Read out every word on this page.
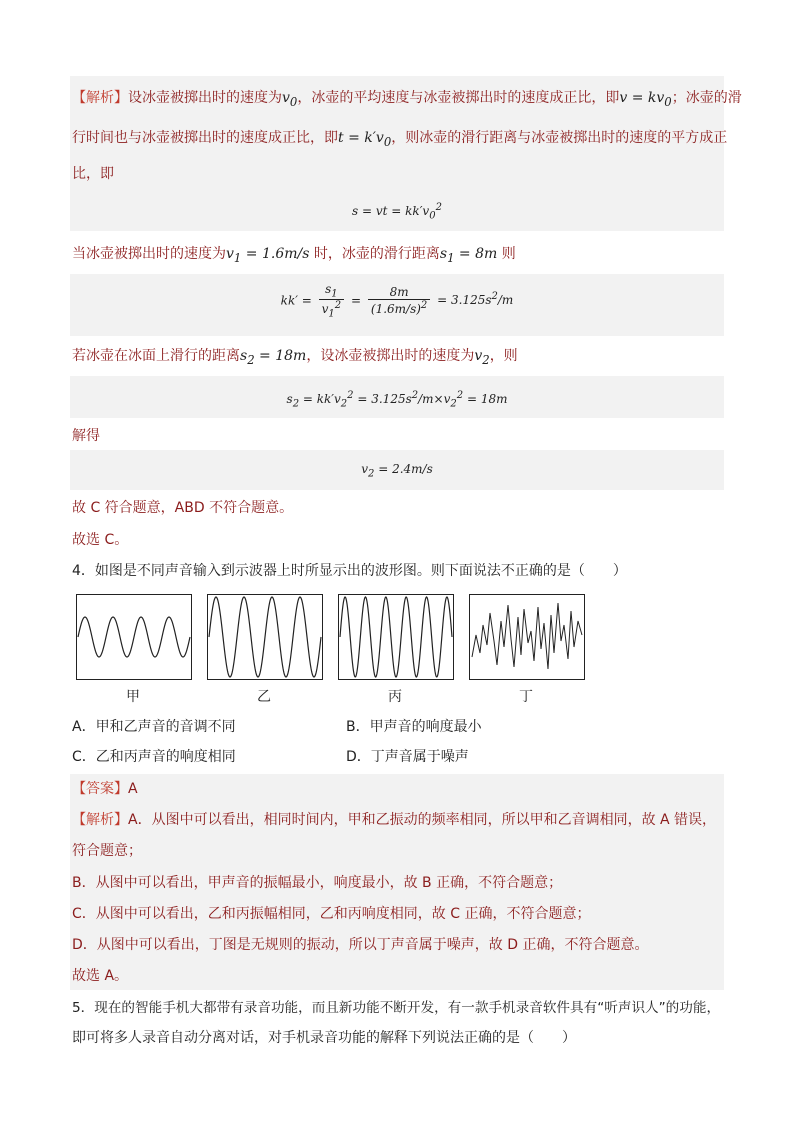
【解析】设冰壶被掷出时的速度为$v_0$，冰壶的平均速度与冰壶被掷出时的速度成正比，即$v = kv_0$；冰壶的滑
行时间也与冰壶被掷出时的速度成正比，即$t = k'v_0$，则冰壶的滑行距离与冰壶被掷出时的速度的平方成正
比，即
s = vt = $kk'v_0^2$
当冰壶被掷出时的速度为$v_1 = 1.6m/s$ 时，冰壶的滑行距离$s_1 = 8m$ 则
$kk' = \frac{s_1}{v_1^2} = \frac{8m}{(1.6m/s)^2} = 3.125s^2/m$
若冰壶在冰面上滑行的距离$s_2 = 18m$，设冰壶被掷出时的速度为$v_2$，则
$s_2 = kk'v_2^2 = 3.125s^2/m\times v_2^2 = 18m$
解得
$v_2 = 2.4m/s$
故 C 符合题意，ABD 不符合题意。
故选 C。
4．如图是不同声音输入到示波器上时所显示出的波形图。则下面说法不正确的是（　　）
甲	乙	丙	丁
A．甲和乙声音的音调不同	B．甲声音的响度最小
C．乙和丙声音的响度相同	D．丁声音属于噪声
【答案】A
【解析】A．从图中可以看出，相同时间内，甲和乙振动的频率相同，所以甲和乙音调相同，故 A 错误，
符合题意；
B．从图中可以看出，甲声音的振幅最小，响度最小，故 B 正确，不符合题意；
C．从图中可以看出，乙和丙振幅相同，乙和丙响度相同，故 C 正确，不符合题意；
D．从图中可以看出，丁图是无规则的振动，所以丁声音属于噪声，故 D 正确，不符合题意。
故选 A。
5．现在的智能手机大都带有录音功能，而且新功能不断开发，有一款手机录音软件具有“听声识人”的功能，
即可将多人录音自动分离对话，对手机录音功能的解释下列说法正确的是（　　）
